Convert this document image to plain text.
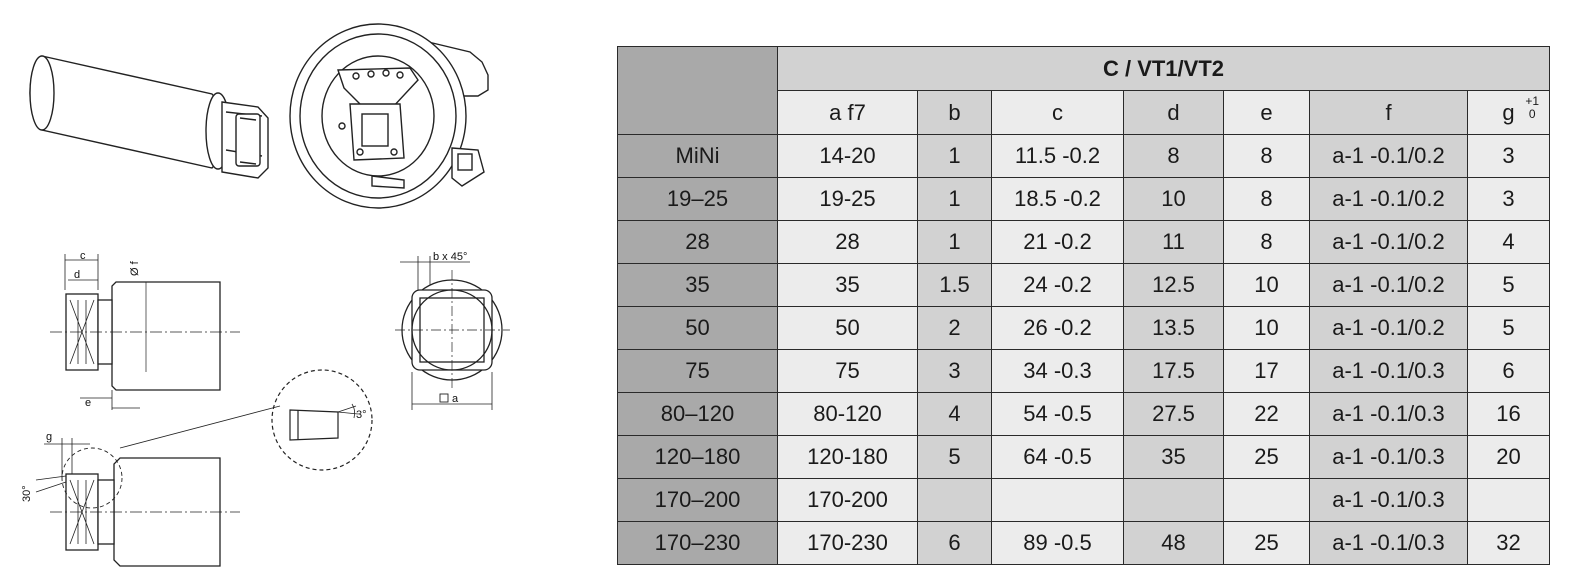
c
d	Ø f
e
b x 45°
a
3°
g
30°
	C / VT1/VT2						
	a f7	b	c	d	e	f	g +1
0

MiNi	14-20	1	11.5 -0.2	8	8	a-1 -0.1/0.2	3
19–25	19-25	1	18.5 -0.2	10	8	a-1 -0.1/0.2	3
28	28	1	21 -0.2	11	8	a-1 -0.1/0.2	4
35	35	1.5	24 -0.2	12.5	10	a-1 -0.1/0.2	5
50	50	2	26 -0.2	13.5	10	a-1 -0.1/0.2	5
75	75	3	34 -0.3	17.5	17	a-1 -0.1/0.3	6
80–120	80-120	4	54 -0.5	27.5	22	a-1 -0.1/0.3	16
120–180	120-180	5	64 -0.5	35	25	a-1 -0.1/0.3	20
170–200	170-200					a-1 -0.1/0.3	
170–230	170-230	6	89 -0.5	48	25	a-1 -0.1/0.3	32
